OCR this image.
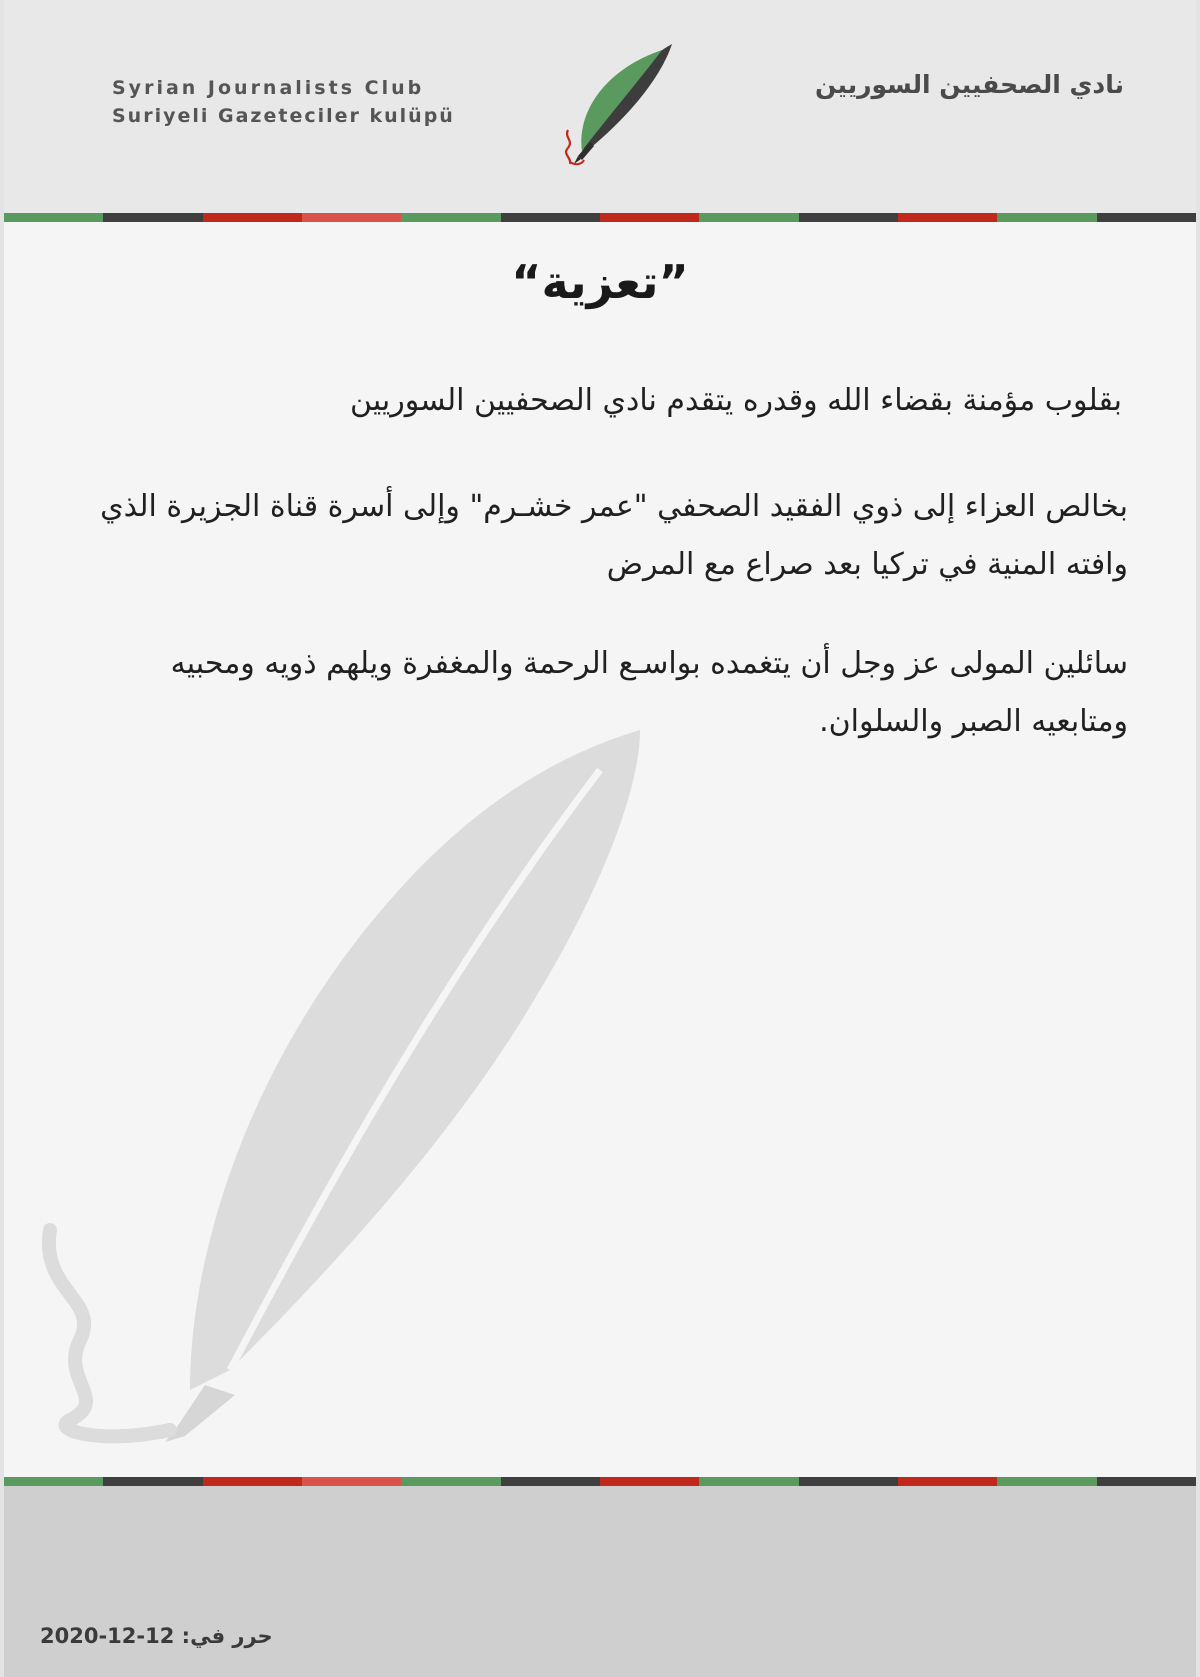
Syrian Journalists Club
Suriyeli Gazeteciler kulüpü
نادي الصحفيين السوريين
“تعزية”
بقلوب مؤمنة بقضاء الله وقدره يتقدم نادي الصحفيين السوريين
بخالص العزاء إلى ذوي الفقيد الصحفي "عمر خشـرم" وإلى أسرة قناة الجزيرة الذي وافته المنية في تركيا بعد صراع مع المرض
سائلين المولى عز وجل أن يتغمده بواسـع الرحمة والمغفرة ويلهم ذويه ومحبيه ومتابعيه الصبر والسلوان.
حرر في: 12-12-2020
